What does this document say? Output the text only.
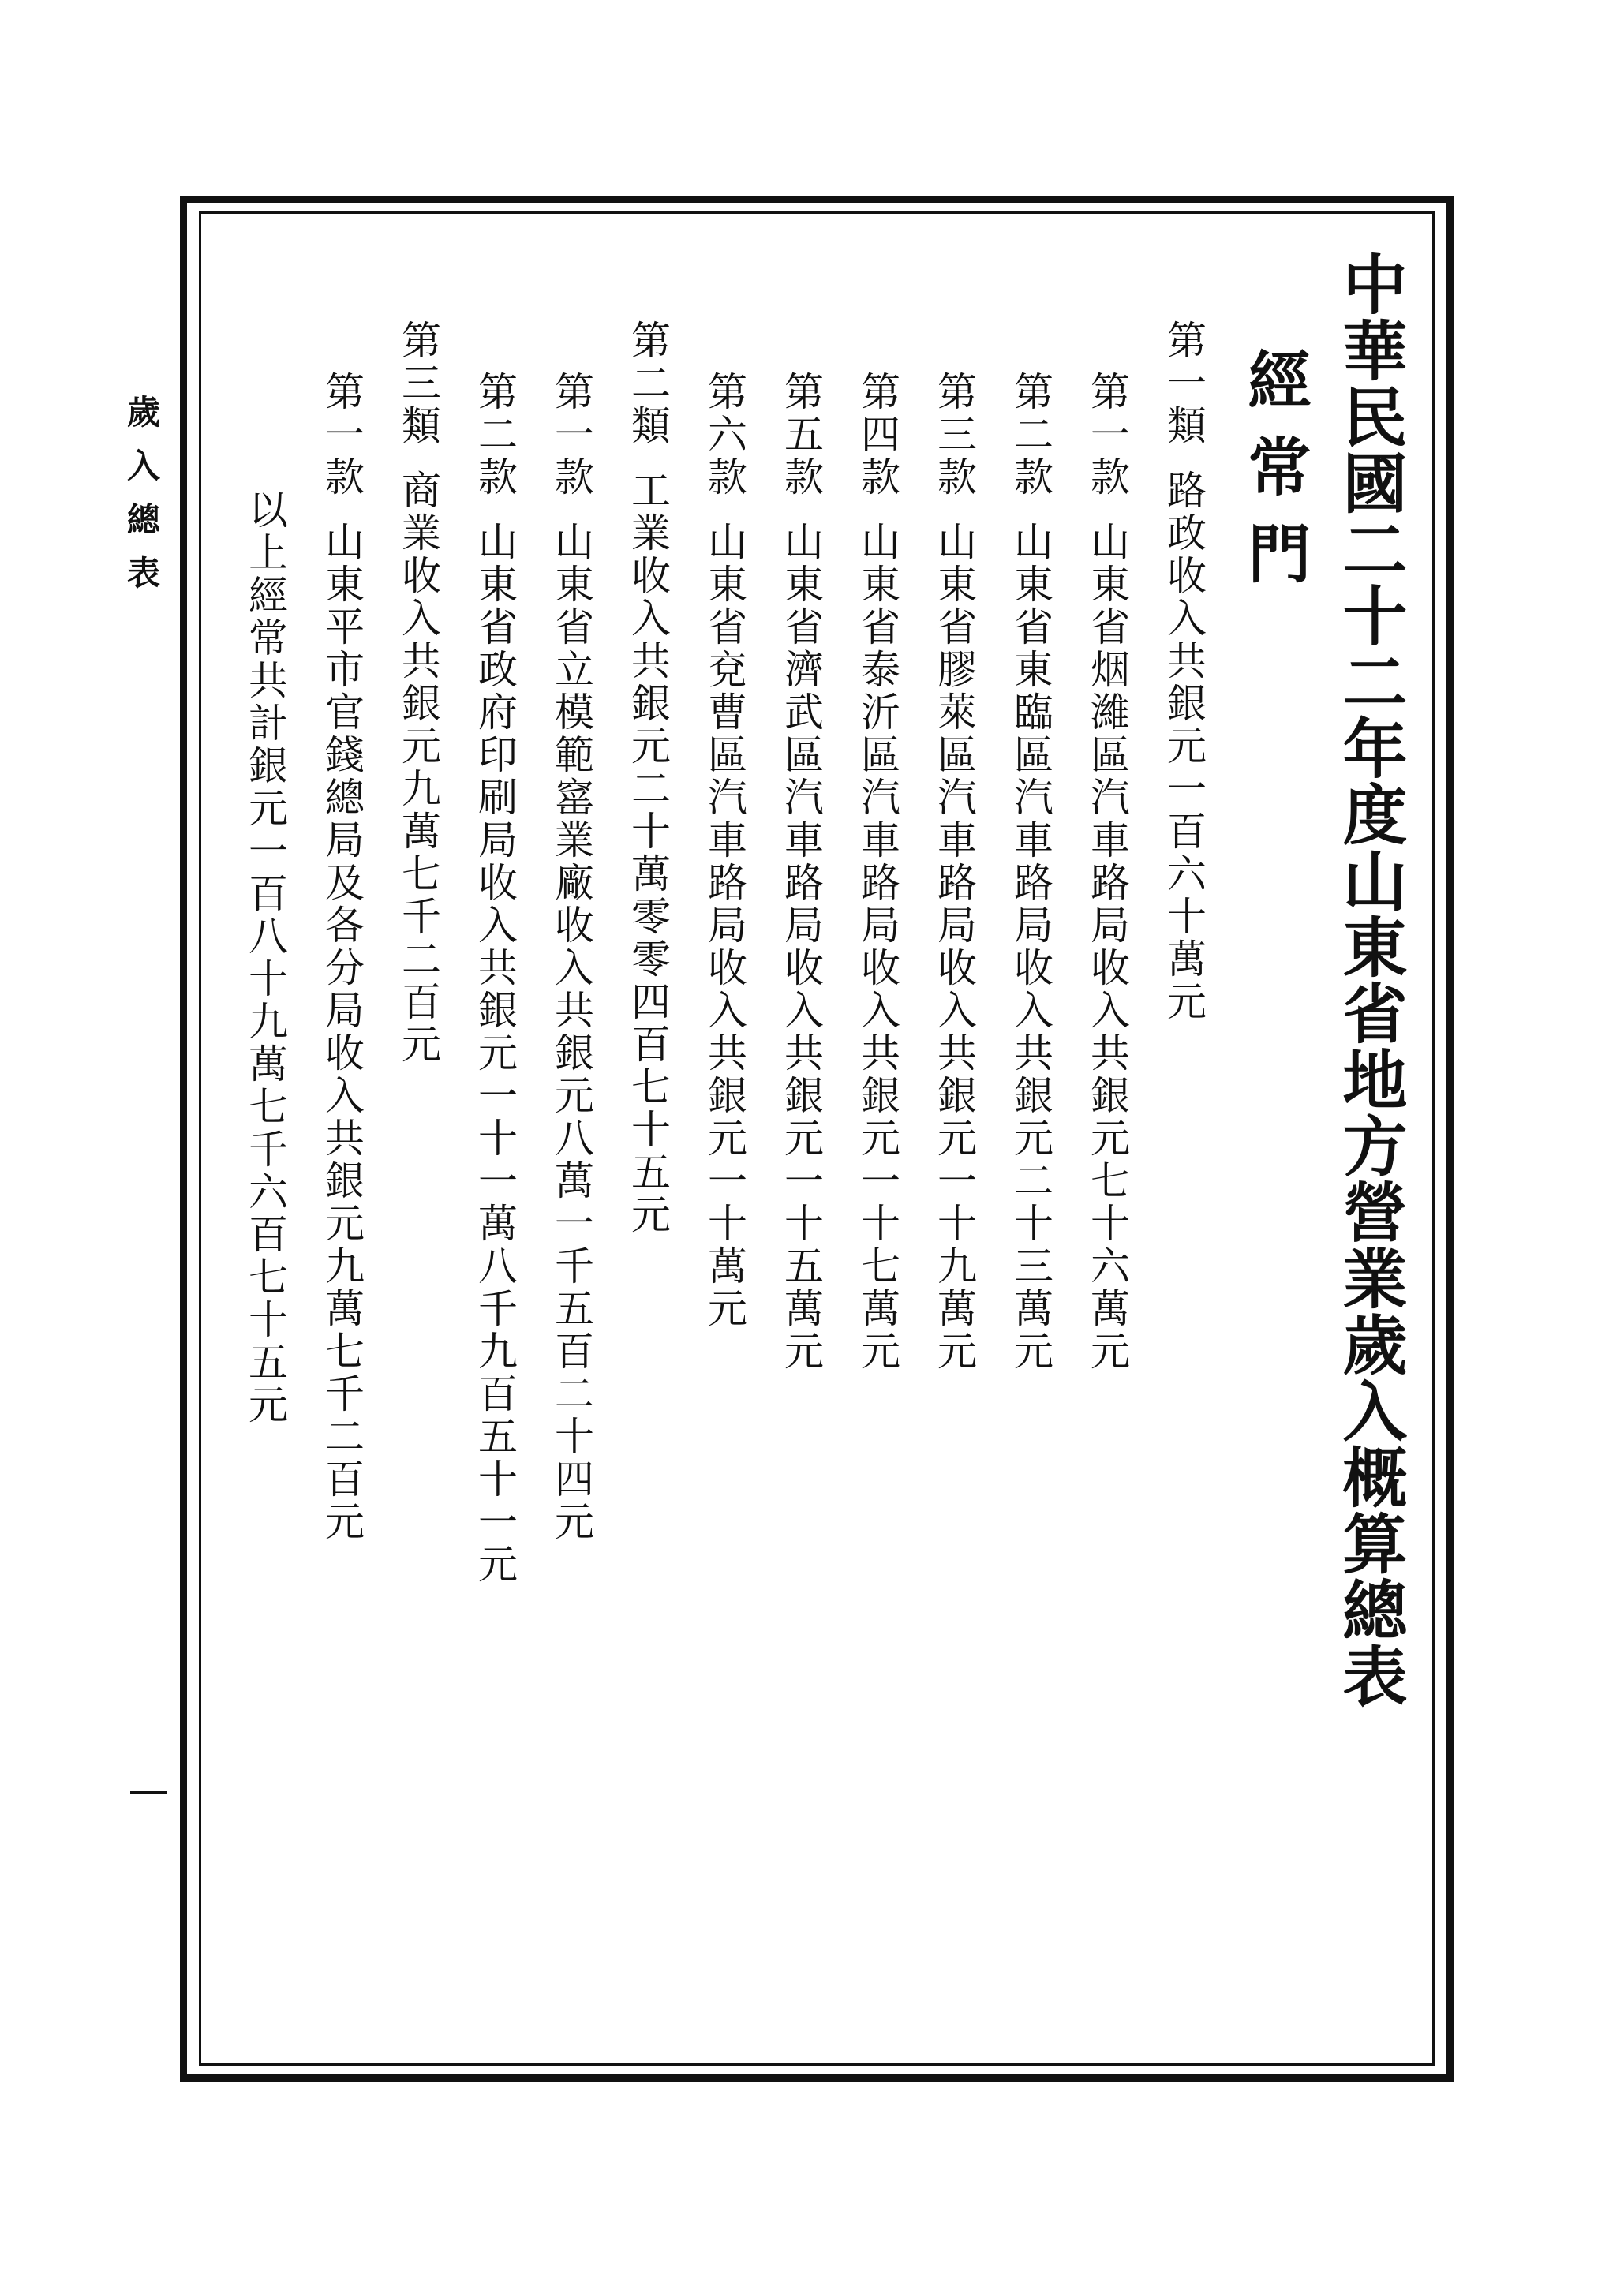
歲入總表	中華民國二十二年度山東省地方營業歲入概算總表
經常門
第一類路政收入共銀元一百六十萬元
第一款山東省烟濰區汽車路局收入共銀元七十六萬元
第二款山東省東臨區汽車路局收入共銀元二十三萬元
第三款山東省膠萊區汽車路局收入共銀元一十九萬元
第四款山東省泰沂區汽車路局收入共銀元一十七萬元
第五款山東省濟武區汽車路局收入共銀元一十五萬元
第六款山東省兗曹區汽車路局收入共銀元一十萬元
第二類工業收入共銀元二十萬零零四百七十五元
第一款山東省立模範窰業廠收入共銀元八萬一千五百二十四元
第二款山東省政府印刷局收入共銀元一十一萬八千九百五十一元
第三類商業收入共銀元九萬七千二百元
第一款山東平市官錢總局及各分局收入共銀元九萬七千二百元
以上經常共計銀元一百八十九萬七千六百七十五元
